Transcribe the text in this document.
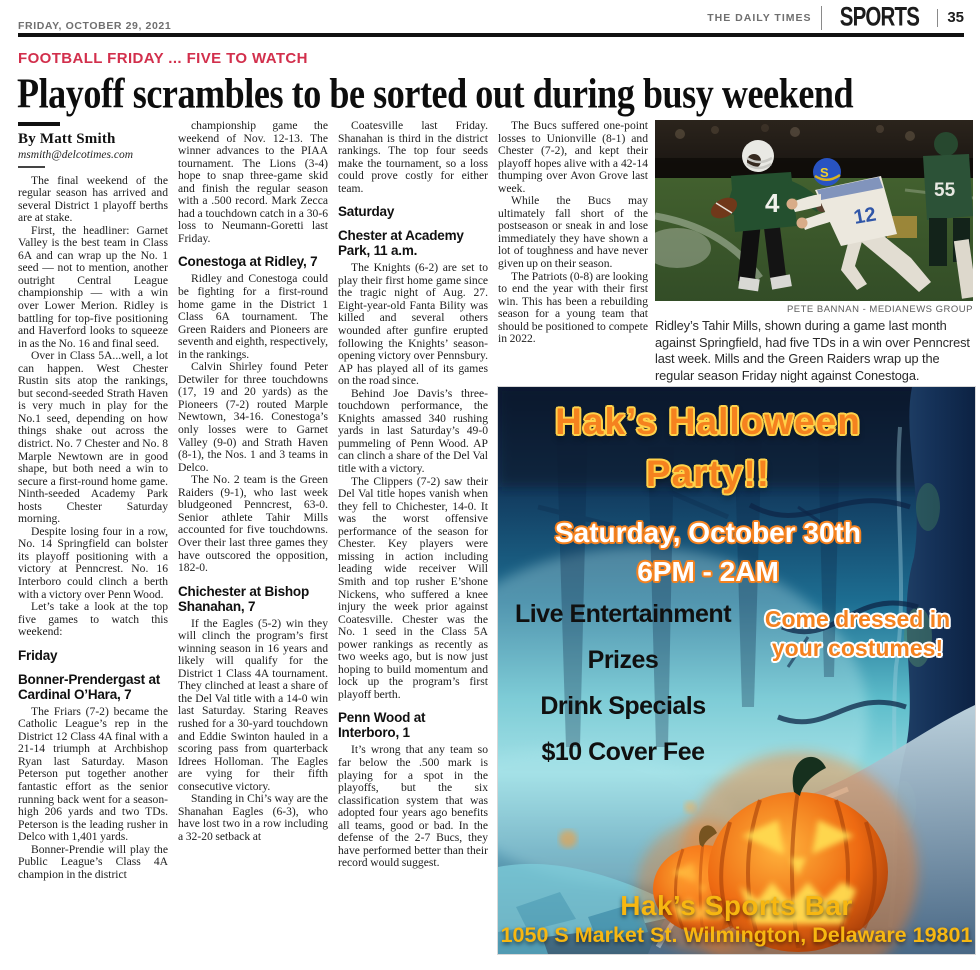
FRIDAY, OCTOBER 29, 2021
THE DAILY TIMES SPORTS 35
FOOTBALL FRIDAY ... FIVE TO WATCH
Playoff scrambles to be sorted out during busy weekend
By Matt Smith
msmith@delcotimes.com

The final weekend of the regular season has arrived and several District 1 playoff berths are at stake.

First, the headliner: Garnet Valley is the best team in Class 6A and can wrap up the No. 1 seed — not to mention, another outright Central League championship — with a win over Lower Merion. Ridley is battling for top-five positioning and Haverford looks to squeeze in as the No. 16 and final seed.

Over in Class 5A...well, a lot can happen. West Chester Rustin sits atop the rankings, but second-seeded Strath Haven is very much in play for the No.1 seed, depending on how things shake out across the district. No. 7 Chester and No. 8 Marple Newtown are in good shape, but both need a win to secure a first-round home game. Ninth-seeded Academy Park hosts Chester Saturday morning.

Despite losing four in a row, No. 14 Springfield can bolster its playoff positioning with a victory at Penncrest. No. 16 Interboro could clinch a berth with a victory over Penn Wood.

Let’s take a look at the top five games to watch this weekend:

Friday
Bonner-Prendergast at Cardinal O’Hara, 7

The Friars (7-2) became the Catholic League’s rep in the District 12 Class 4A final with a 21-14 triumph at Archbishop Ryan last Saturday. Mason Peterson put together another fantastic effort as the senior running back went for a season-high 206 yards and two TDs. Peterson is the leading rusher in Delco with 1,401 yards.

Bonner-Prendie will play the Public League’s Class 4A champion in the district

championship game the weekend of Nov. 12-13. The winner advances to the PIAA tournament. The Lions (3-4) hope to snap three-game skid and finish the regular season with a .500 record. Mark Zecca had a touchdown catch in a 30-6 loss to Neumann-Goretti last Friday.

Conestoga at Ridley, 7

Ridley and Conestoga could be fighting for a first-round home game in the District 1 Class 6A tournament. The Green Raiders and Pioneers are seventh and eighth, respectively, in the rankings.

Calvin Shirley found Peter Detwiler for three touchdowns (17, 19 and 20 yards) as the Pioneers (7-2) routed Marple Newtown, 34-16. Conestoga’s only losses were to Garnet Valley (9-0) and Strath Haven (8-1), the Nos. 1 and 3 teams in Delco.

The No. 2 team is the Green Raiders (9-1), who last week bludgeoned Penncrest, 63-0. Senior athlete Tahir Mills accounted for five touchdowns. Over their last three games they have outscored the opposition, 182-0.

Chichester at Bishop Shanahan, 7

If the Eagles (5-2) win they will clinch the program’s first winning season in 16 years and likely will qualify for the District 1 Class 4A tournament. They clinched at least a share of the Del Val title with a 14-0 win last Saturday. Staring Reaves rushed for a 30-yard touchdown and Eddie Swinton hauled in a scoring pass from quarterback Idrees Holloman. The Eagles are vying for their fifth consecutive victory.

Standing in Chi’s way are the Shanahan Eagles (6-3), who have lost two in a row including a 32-20 setback at

Coatesville last Friday. Shanahan is third in the district rankings. The top four seeds make the tournament, so a loss could prove costly for either team.

Saturday
Chester at Academy Park, 11 a.m.

The Knights (6-2) are set to play their first home game since the tragic night of Aug. 27. Eight-year-old Fanta Bility was killed and several others wounded after gunfire erupted following the Knights’ season-opening victory over Pennsbury. AP has played all of its games on the road since.

Behind Joe Davis’s three-touchdown performance, the Knights amassed 340 rushing yards in last Saturday’s 49-0 pummeling of Penn Wood. AP can clinch a share of the Del Val title with a victory.

The Clippers (7-2) saw their Del Val title hopes vanish when they fell to Chichester, 14-0. It was the worst offensive performance of the season for Chester. Key players were missing in action including leading wide receiver Will Smith and top rusher E’shone Nickens, who suffered a knee injury the week prior against Coatesville. Chester was the No. 1 seed in the Class 5A power rankings as recently as two weeks ago, but is now just hoping to build momentum and lock up the program’s first playoff berth.

Penn Wood at Interboro, 1

It’s wrong that any team so far below the .500 mark is playing for a spot in the playoffs, but the six classification system that was adopted four years ago benefits all teams, good or bad. In the defense of the 2-7 Bucs, they have performed better than their record would suggest.

The Bucs suffered one-point losses to Unionville (8-1) and Chester (7-2), and kept their playoff hopes alive with a 42-14 thumping over Avon Grove last week.

While the Bucs may ultimately fall short of the postseason or sneak in and lose immediately they have shown a lot of toughness and have never given up on their season.

The Patriots (0-8) are looking to end the year with their first win. This has been a rebuilding season for a young team that should be positioned to compete in 2022.

55
4	12
S
PETE BANNAN - MEDIANEWS GROUP
Ridley’s Tahir Mills, shown during a game last month against Springfield, had five TDs in a win over Penncrest last week. Mills and the Green Raiders wrap up the regular season Friday night against Conestoga.
Hak’s Halloween
Party!!
Saturday, October 30th
6PM - 2AM
Live Entertainment
Prizes
Drink Specials
$10 Cover Fee
Come dressed in
your costumes!
Hak’s Sports Bar
1050 S Market St. Wilmington, Delaware 19801
